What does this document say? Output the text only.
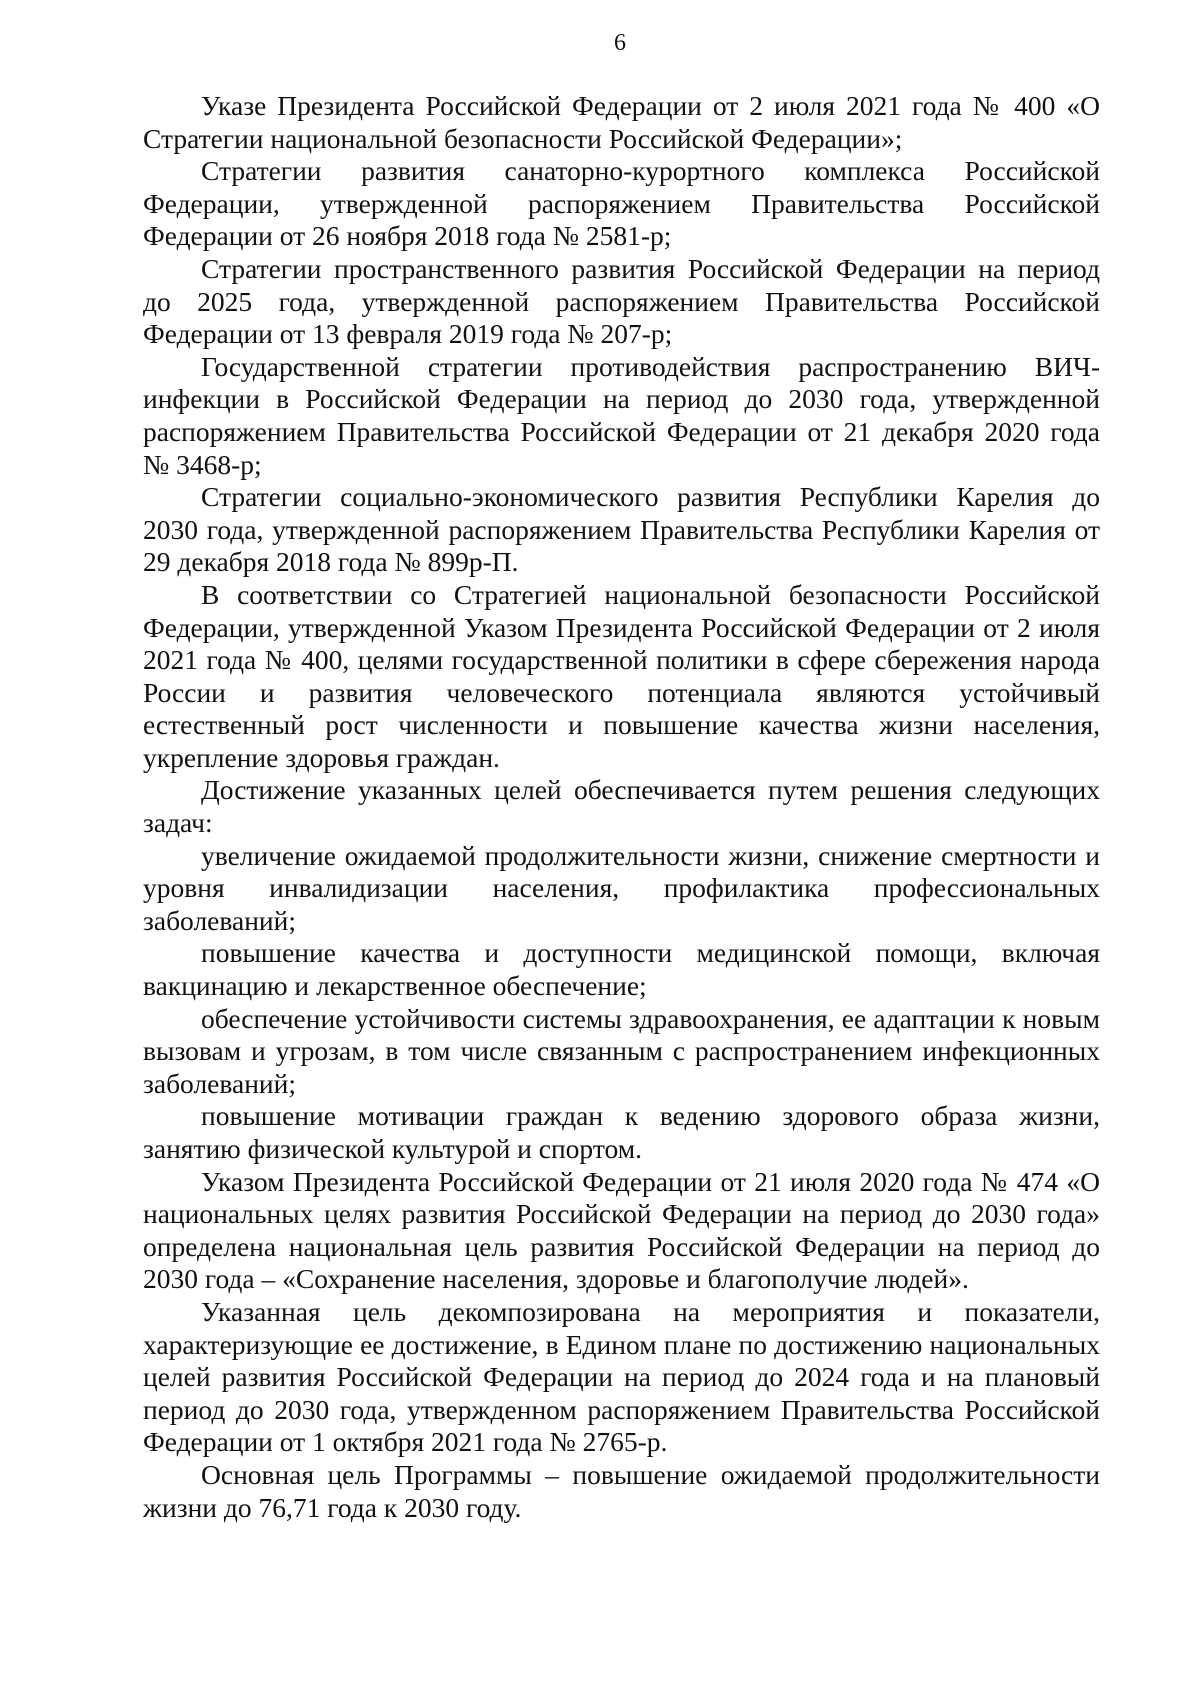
6

Указе Президента Российской Федерации от 2 июля 2021 года № 400 «О Стратегии национальной безопасности Российской Федерации»;

Стратегии развития санаторно-курортного комплекса Российской Федерации, утвержденной распоряжением Правительства Российской Федерации от 26 ноября 2018 года № 2581-р;

Стратегии пространственного развития Российской Федерации на период до 2025 года, утвержденной распоряжением Правительства Российской Федерации от 13 февраля 2019 года № 207-р;

Государственной стратегии противодействия распространению ВИЧ-инфекции в Российской Федерации на период до 2030 года, утвержденной распоряжением Правительства Российской Федерации от 21 декабря 2020 года № 3468-р;

Стратегии социально-экономического развития Республики Карелия до 2030 года, утвержденной распоряжением Правительства Республики Карелия от 29 декабря 2018 года № 899р-П.

В соответствии со Стратегией национальной безопасности Российской Федерации, утвержденной Указом Президента Российской Федерации от 2 июля 2021 года № 400, целями государственной политики в сфере сбережения народа России и развития человеческого потенциала являются устойчивый естественный рост численности и повышение качества жизни населения, укрепление здоровья граждан.

Достижение указанных целей обеспечивается путем решения следующих задач:

увеличение ожидаемой продолжительности жизни, снижение смертности и уровня инвалидизации населения, профилактика профессиональных заболеваний;

повышение качества и доступности медицинской помощи, включая вакцинацию и лекарственное обеспечение;

обеспечение устойчивости системы здравоохранения, ее адаптации к новым вызовам и угрозам, в том числе связанным с распространением инфекционных заболеваний;

повышение мотивации граждан к ведению здорового образа жизни, занятию физической культурой и спортом.

Указом Президента Российской Федерации от 21 июля 2020 года № 474 «О национальных целях развития Российской Федерации на период до 2030 года» определена национальная цель развития Российской Федерации на период до 2030 года – «Сохранение населения, здоровье и благополучие людей».

Указанная цель декомпозирована на мероприятия и показатели, характеризующие ее достижение, в Едином плане по достижению национальных целей развития Российской Федерации на период до 2024 года и на плановый период до 2030 года, утвержденном распоряжением Правительства Российской Федерации от 1 октября 2021 года № 2765-р.

Основная цель Программы – повышение ожидаемой продолжительности жизни до 76,71 года к 2030 году.
